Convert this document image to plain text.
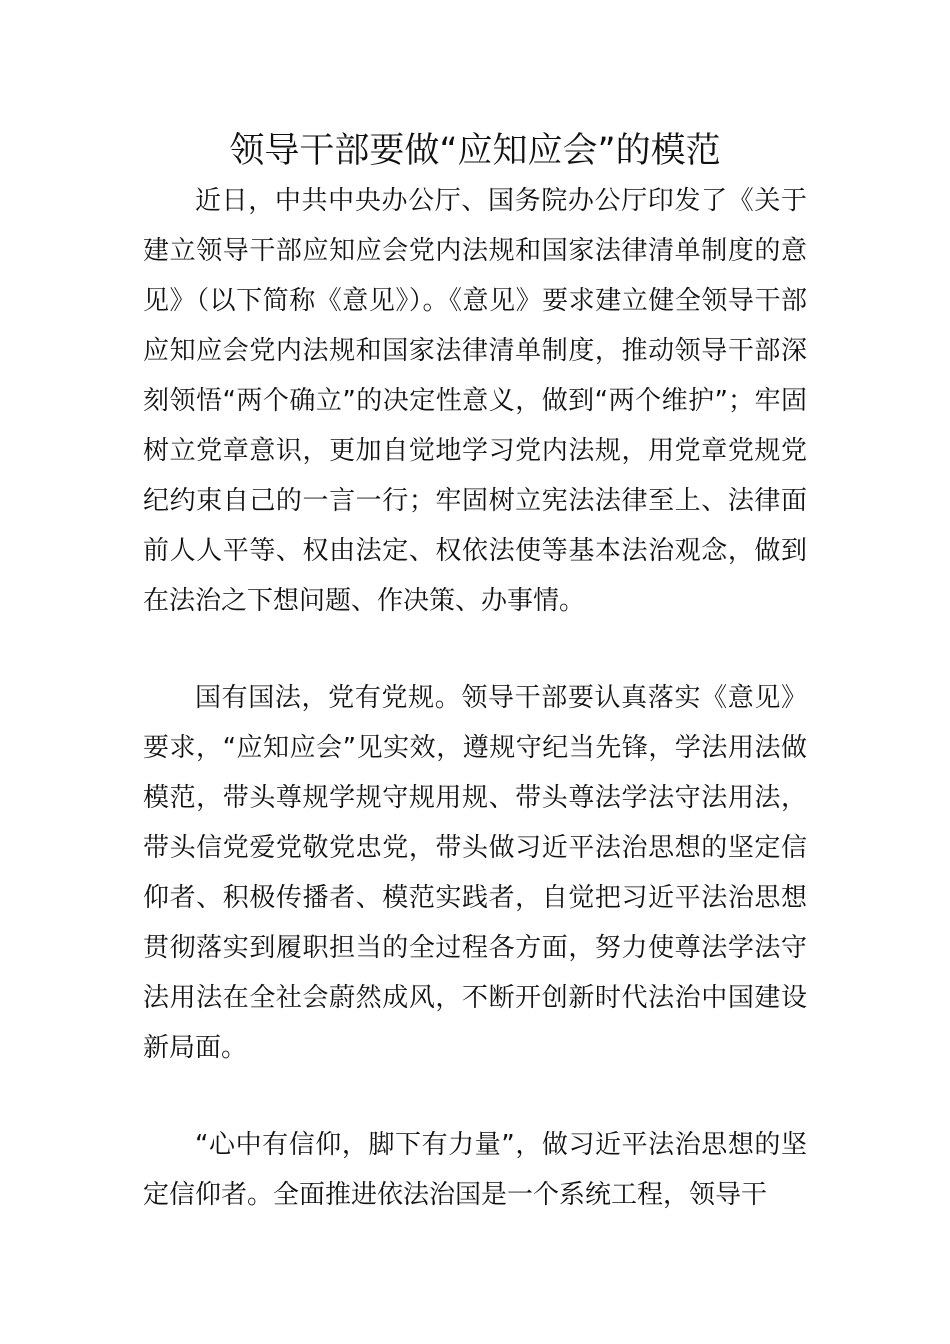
领导干部要做“应知应会”的模范

近日，中共中央办公厅、国务院办公厅印发了《关于建立领导干部应知应会党内法规和国家法律清单制度的意见》（以下简称《意见》）。《意见》要求建立健全领导干部应知应会党内法规和国家法律清单制度，推动领导干部深刻领悟“两个确立”的决定性意义，做到“两个维护”；牢固树立党章意识，更加自觉地学习党内法规，用党章党规党纪约束自己的一言一行；牢固树立宪法法律至上、法律面前人人平等、权由法定、权依法使等基本法治观念，做到在法治之下想问题、作决策、办事情。

国有国法，党有党规。领导干部要认真落实《意见》要求，“应知应会”见实效，遵规守纪当先锋，学法用法做模范，带头尊规学规守规用规、带头尊法学法守法用法，带头信党爱党敬党忠党，带头做习近平法治思想的坚定信仰者、积极传播者、模范实践者，自觉把习近平法治思想贯彻落实到履职担当的全过程各方面，努力使尊法学法守法用法在全社会蔚然成风，不断开创新时代法治中国建设新局面。

“心中有信仰，脚下有力量”，做习近平法治思想的坚定信仰者。全面推进依法治国是一个系统工程，领导干
